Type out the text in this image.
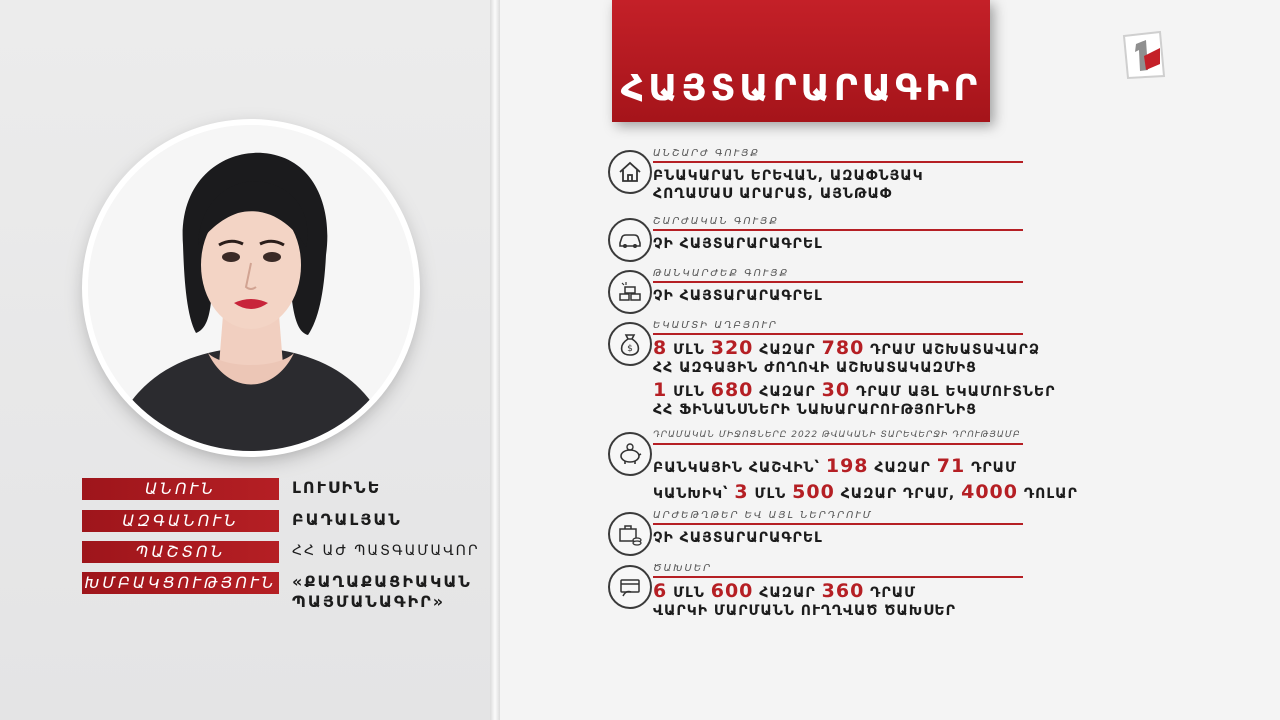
ԱՆՈՒՆ	ԼՈՒՍԻՆԵ
ԱԶԳԱՆՈՒՆ	ԲԱԴԱԼՅԱՆ
ՊԱՇՏՈՆ	ՀՀ ԱԺ ՊԱՏԳԱՄԱՎՈՐ
ԽՄԲԱԿՑՈՒԹՅՈՒՆ «ՔԱՂԱՔԱՑԻԱԿԱՆ
ՊԱՅՄԱՆԱԳԻՐ»
ՀԱՅՏԱՐԱՐԱԳԻՐ
ԱՆՇԱՐԺ ԳՈՒՅՔ
ԲՆԱԿԱՐԱՆ ԵՐԵՎԱՆ, ԱԶԱՓՆՅԱԿ
ՀՈՂԱՄԱՍ ԱՐԱՐԱՏ, ԱՅՆԹԱՓ
ՇԱՐԺԱԿԱՆ ԳՈՒՅՔ
ՉԻ ՀԱՅՏԱՐԱՐԱԳՐԵԼ
ԹԱՆԿԱՐԺԵՔ ԳՈՒՅՔ
ՉԻ ՀԱՅՏԱՐԱՐԱԳՐԵԼ
$
ԵԿԱՄՏԻ ԱՂԲՅՈՒՐ
8 ՄԼՆ 320 ՀԱԶԱՐ 780 ԴՐԱՄ ԱՇԽԱՏԱՎԱՐՁ
ՀՀ ԱԶԳԱՅԻՆ ԺՈՂՈՎԻ ԱՇԽԱՏԱԿԱԶՄԻՑ
1 ՄԼՆ 680 ՀԱԶԱՐ 30 ԴՐԱՄ ԱՅԼ ԵԿԱՄՈՒՏՆԵՐ
ՀՀ ՖԻՆԱՆՍՆԵՐԻ ՆԱԽԱՐԱՐՈՒԹՅՈՒՆԻՑ
ԴՐԱՄԱԿԱՆ ՄԻՋՈՑՆԵՐԸ 2022 ԹՎԱԿԱՆԻ ՏԱՐԵՎԵՐՋԻ ԴՐՈՒԹՅԱՄԲ
ԲԱՆԿԱՅԻՆ ՀԱՇՎԻՆ՝ 198 ՀԱԶԱՐ 71 ԴՐԱՄ
ԿԱՆԽԻԿ՝ 3 ՄԼՆ 500 ՀԱԶԱՐ ԴՐԱՄ, 4000 ԴՈԼԱՐ
ԱՐԺԵԹՂԹԵՐ ԵՎ ԱՅԼ ՆԵՐԴՐՈՒՄ
ՉԻ ՀԱՅՏԱՐԱՐԱԳՐԵԼ
ԾԱԽՍԵՐ
6 ՄԼՆ 600 ՀԱԶԱՐ 360 ԴՐԱՄ
ՎԱՐԿԻ ՄԱՐՄԱՆՆ ՈՒՂՂՎԱԾ ԾԱԽՍԵՐ
